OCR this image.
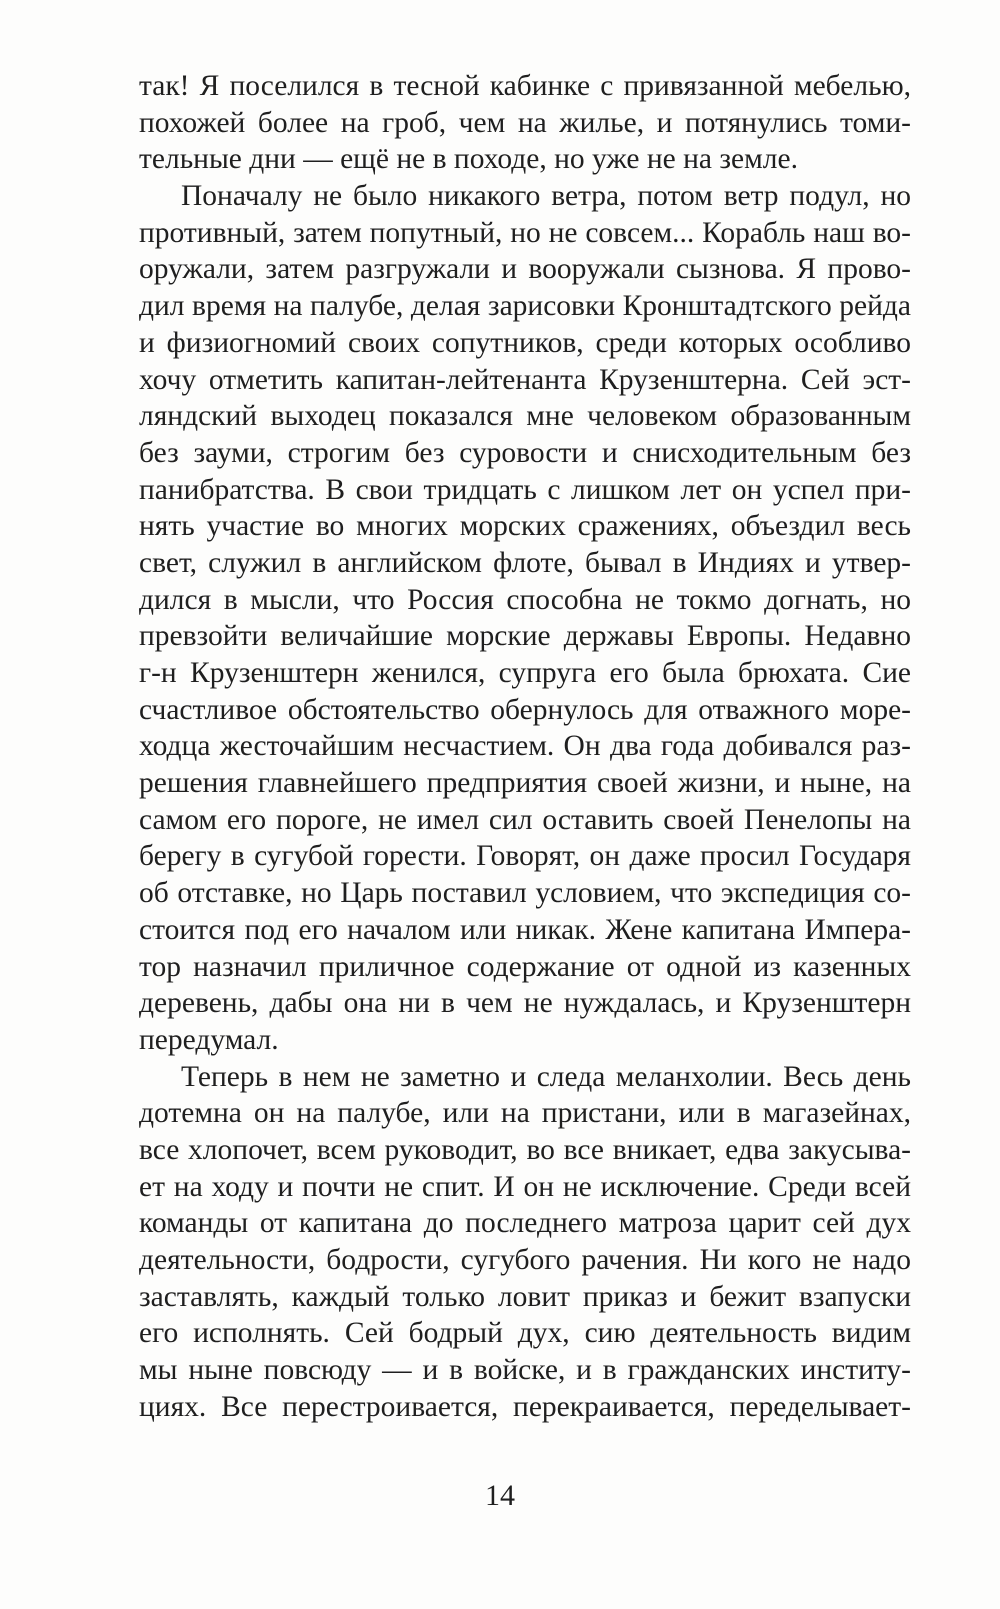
так! Я поселился в тесной кабинке с привязанной мебелью,
похожей более на гроб, чем на жилье, и потянулись томи-
тельные дни — ещё не в походе, но уже не на земле.
Поначалу не было никакого ветра, потом ветр подул, но
противный, затем попутный, но не совсем... Корабль наш во-
оружали, затем разгружали и вооружали сызнова. Я прово-
дил время на палубе, делая зарисовки Кронштадтского рейда
и физиогномий своих сопутников, среди которых особливо
хочу отметить капитан-лейтенанта Крузенштерна. Сей эст-
ляндский выходец показался мне человеком образованным
без зауми, строгим без суровости и снисходительным без
панибратства. В свои тридцать с лишком лет он успел при-
нять участие во многих морских сражениях, объездил весь
свет, служил в английском флоте, бывал в Индиях и утвер-
дился в мысли, что Россия способна не токмо догнать, но
превзойти величайшие морские державы Европы. Недавно
г-н Крузенштерн женился, супруга его была брюхата. Сие
счастливое обстоятельство обернулось для отважного море-
ходца жесточайшим несчастием. Он два года добивался раз-
решения главнейшего предприятия своей жизни, и ныне, на
самом его пороге, не имел сил оставить своей Пенелопы на
берегу в сугубой горести. Говорят, он даже просил Государя
об отставке, но Царь поставил условием, что экспедиция со-
стоится под его началом или никак. Жене капитана Импера-
тор назначил приличное содержание от одной из казенных
деревень, дабы она ни в чем не нуждалась, и Крузенштерн
передумал.
Теперь в нем не заметно и следа меланхолии. Весь день
дотемна он на палубе, или на пристани, или в магазейнах,
все хлопочет, всем руководит, во все вникает, едва закусыва-
ет на ходу и почти не спит. И он не исключение. Среди всей
команды от капитана до последнего матроза царит сей дух
деятельности, бодрости, сугубого рачения. Ни кого не надо
заставлять, каждый только ловит приказ и бежит взапуски
его исполнять. Сей бодрый дух, сию деятельность видим
мы ныне повсюду — и в войске, и в гражданских институ-
циях. Все перестроивается, перекраивается, переделывает-
14
